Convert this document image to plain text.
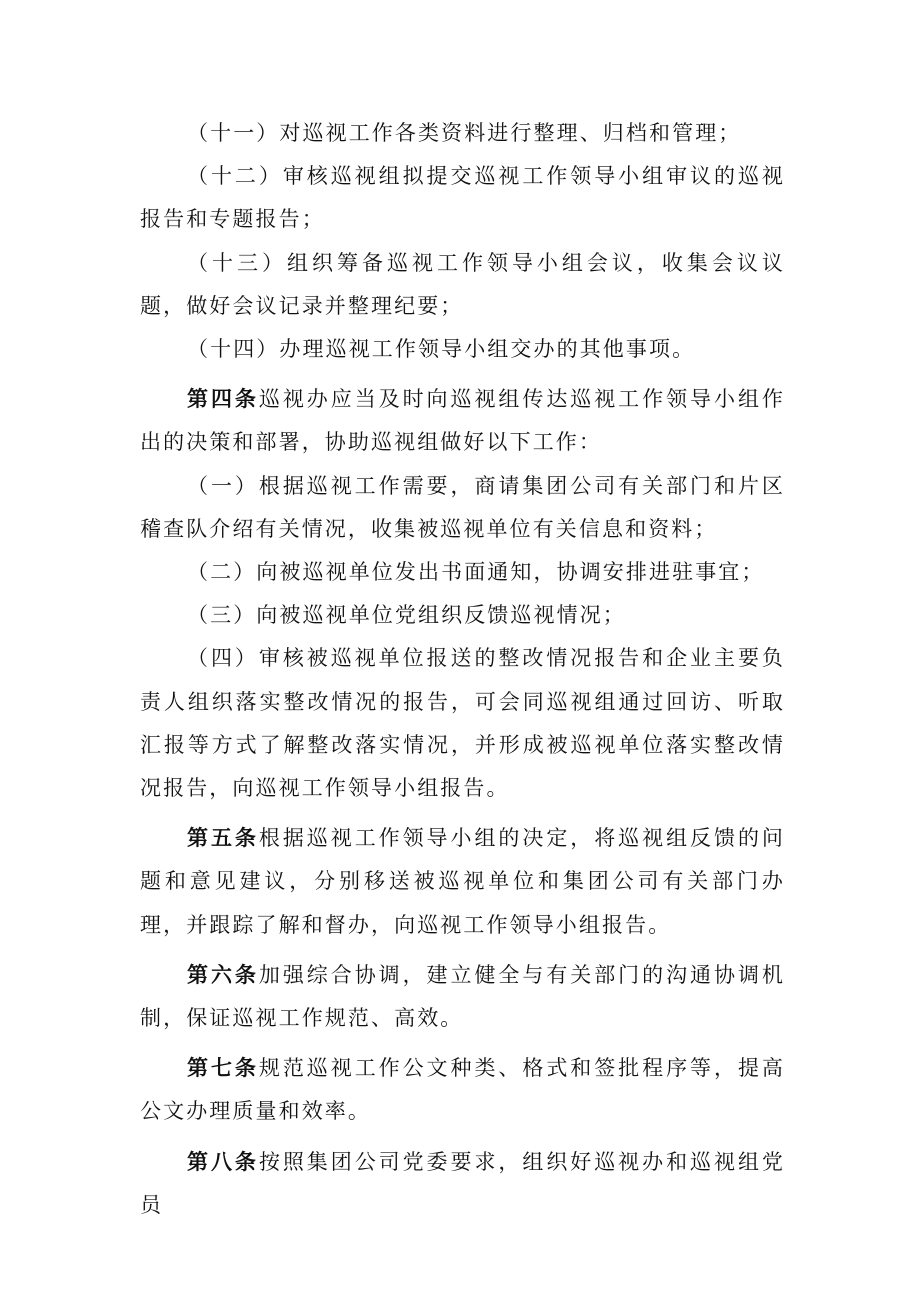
（十一）对巡视工作各类资料进行整理、归档和管理；

（十二）审核巡视组拟提交巡视工作领导小组审议的巡视报告和专题报告；

（十三）组织筹备巡视工作领导小组会议，收集会议议题，做好会议记录并整理纪要；

（十四）办理巡视工作领导小组交办的其他事项。

第四条巡视办应当及时向巡视组传达巡视工作领导小组作出的决策和部署，协助巡视组做好以下工作：

（一）根据巡视工作需要，商请集团公司有关部门和片区稽查队介绍有关情况，收集被巡视单位有关信息和资料；

（二）向被巡视单位发出书面通知，协调安排进驻事宜；

（三）向被巡视单位党组织反馈巡视情况；

（四）审核被巡视单位报送的整改情况报告和企业主要负责人组织落实整改情况的报告，可会同巡视组通过回访、听取汇报等方式了解整改落实情况，并形成被巡视单位落实整改情况报告，向巡视工作领导小组报告。

第五条根据巡视工作领导小组的决定，将巡视组反馈的问题和意见建议，分别移送被巡视单位和集团公司有关部门办理，并跟踪了解和督办，向巡视工作领导小组报告。

第六条加强综合协调，建立健全与有关部门的沟通协调机制，保证巡视工作规范、高效。

第七条规范巡视工作公文种类、格式和签批程序等，提高公文办理质量和效率。

第八条按照集团公司党委要求，组织好巡视办和巡视组党员
